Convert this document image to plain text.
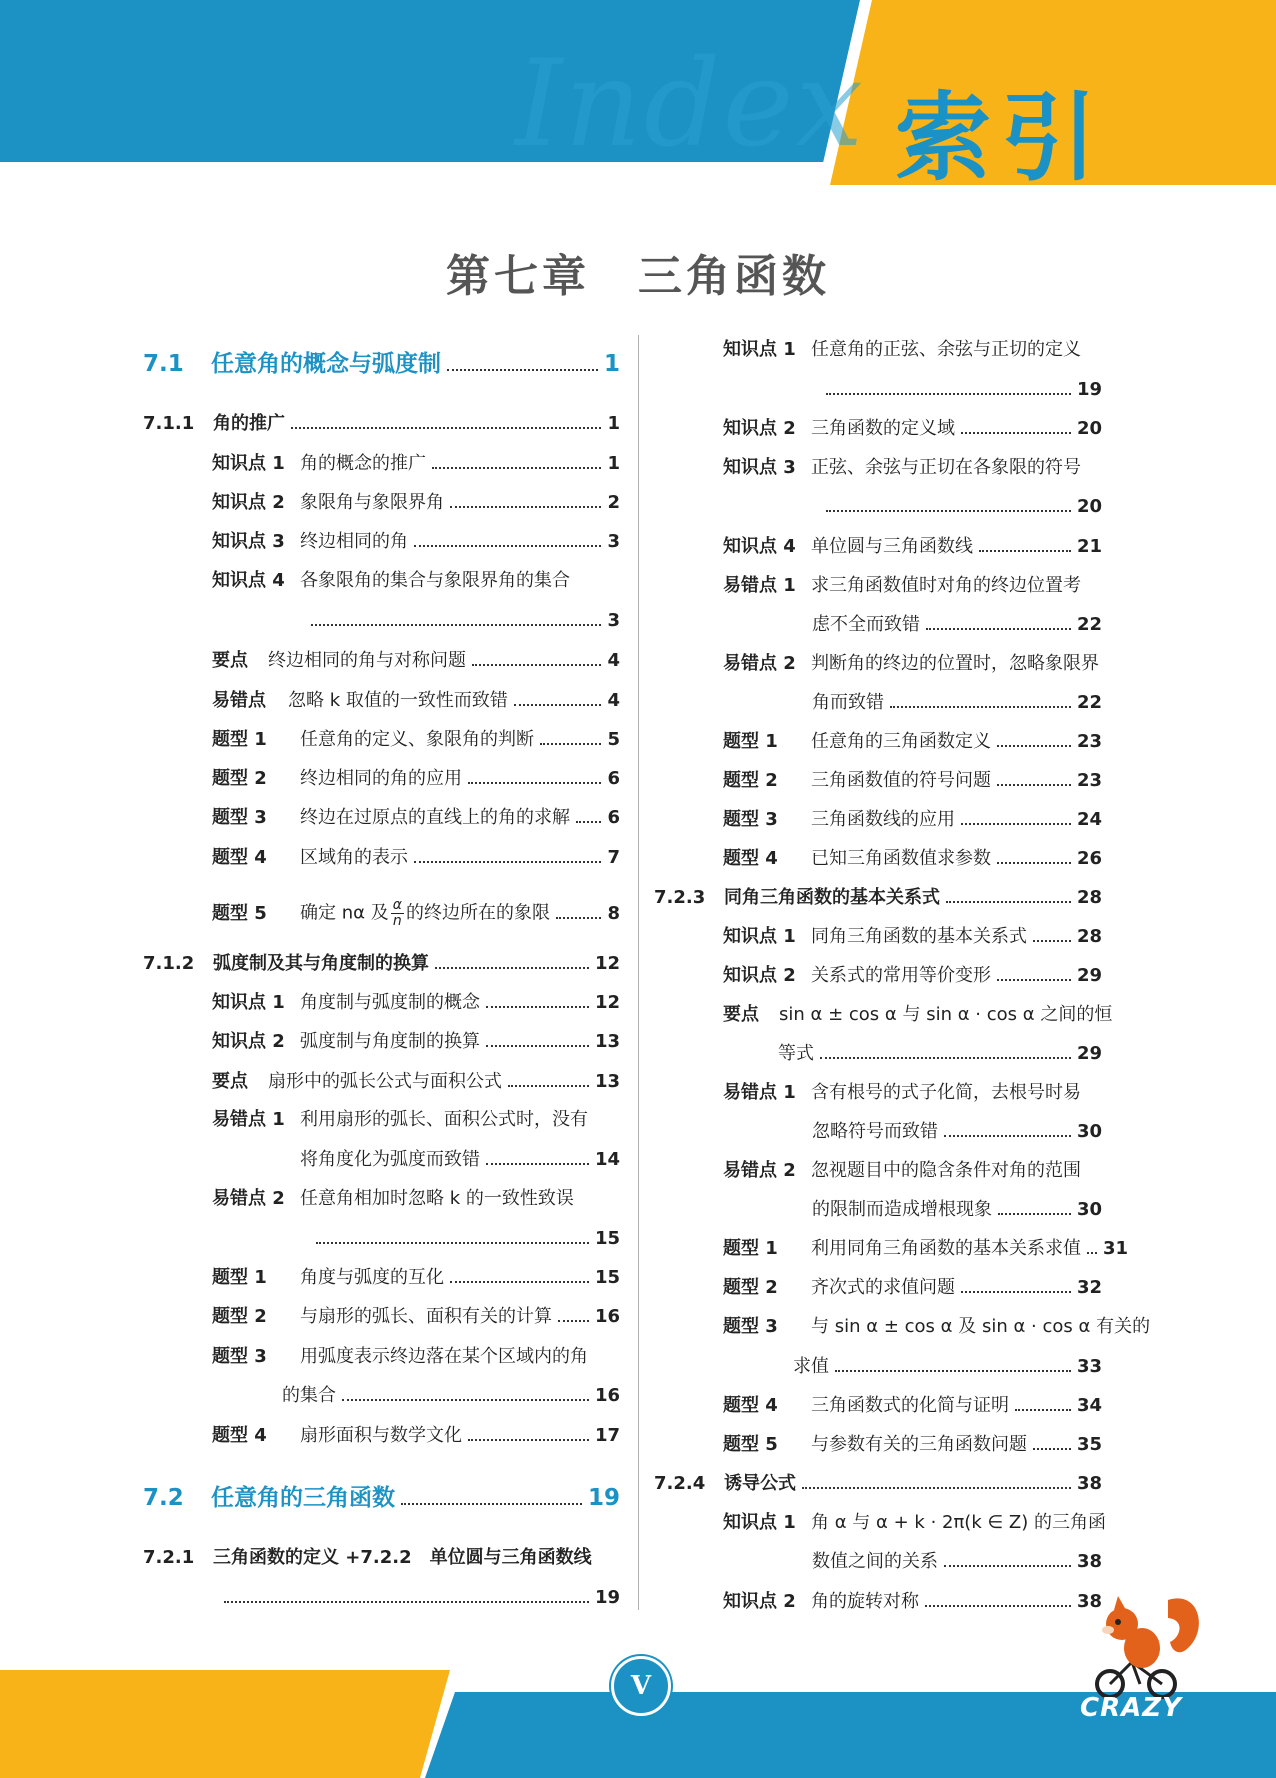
Index 索引
第七章　三角函数
7.1	任意角的概念与弧度制	1
7.1.1	角的推广	1
知识点 1 角的概念的推广	1
知识点 2 象限角与象限界角	2
知识点 3 终边相同的角	3
知识点 4 各象限角的集合与象限界角的集合
3
要点	终边相同的角与对称问题	4
易错点	忽略 k 取值的一致性而致错	4
题型 1	任意角的定义、象限角的判断	5
题型 2	终边相同的角的应用	6
题型 3	终边在过原点的直线上的角的求解 6
题型 4	区域角的表示	7
题型 5	确定 nα 及 $\frac{\alpha}{n}$ 的终边所在的象限	8
7.1.2	弧度制及其与角度制的换算	12
知识点 1 角度制与弧度制的概念	12
知识点 2 弧度制与角度制的换算	13
要点	扇形中的弧长公式与面积公式	13
易错点 1 利用扇形的弧长、面积公式时，没有
将角度化为弧度而致错	14
易错点 2 任意角相加时忽略 k 的一致性致误
15
题型 1	角度与弧度的互化	15
题型 2	与扇形的弧长、面积有关的计算 16
题型 3	用弧度表示终边落在某个区域内的角
的集合	16
题型 4	扇形面积与数学文化	17
7.2	任意角的三角函数	19
7.2.1	三角函数的定义 +7.2.2　单位圆与三角函数线
19
知识点 1 任意角的正弦、余弦与正切的定义
19
知识点 2 三角函数的定义域	20
知识点 3 正弦、余弦与正切在各象限的符号
20
知识点 4 单位圆与三角函数线	21
易错点 1 求三角函数值时对角的终边位置考
虑不全而致错	22
易错点 2 判断角的终边的位置时，忽略象限界
角而致错	22
题型 1	任意角的三角函数定义	23
题型 2	三角函数值的符号问题	23
题型 3	三角函数线的应用	24
题型 4	已知三角函数值求参数	26
7.2.3	同角三角函数的基本关系式	28
知识点 1 同角三角函数的基本关系式	28
知识点 2 关系式的常用等价变形	29
要点	sin α ± cos α 与 sin α · cos α 之间的恒
等式	29
易错点 1 含有根号的式子化简，去根号时易
忽略符号而致错	30
易错点 2 忽视题目中的隐含条件对角的范围
的限制而造成增根现象	30
题型 1	利用同角三角函数的基本关系求值 31
题型 2	齐次式的求值问题	32
题型 3	与 sin α ± cos α 及 sin α · cos α 有关的
求值	33
题型 4	三角函数式的化简与证明	34
题型 5	与参数有关的三角函数问题	35
7.2.4	诱导公式	38
知识点 1 角 α 与 α + k · 2π(k ∈ Z) 的三角函
数值之间的关系	38
知识点 2 角的旋转对称	38
V
CRAZY
